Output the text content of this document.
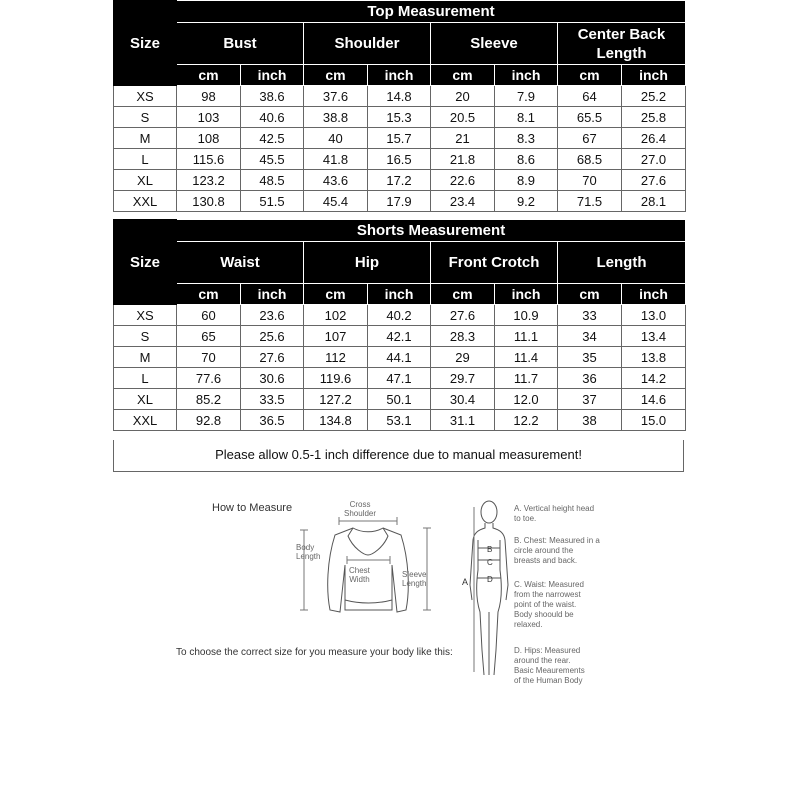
Size	Top Measurement							
	Bust		Shoulder		Sleeve		Center Back Length	
	cm	inch	cm	inch	cm	inch	cm	inch
XS	98	38.6	37.6	14.8	20	7.9	64	25.2
S	103	40.6	38.8	15.3	20.5	8.1	65.5	25.8
M	108	42.5	40	15.7	21	8.3	67	26.4
L	115.6	45.5	41.8	16.5	21.8	8.6	68.5	27.0
XL	123.2	48.5	43.6	17.2	22.6	8.9	70	27.6
XXL	130.8	51.5	45.4	17.9	23.4	9.2	71.5	28.1
Size	Shorts Measurement							
	Waist		Hip		Front Crotch		Length	
	cm	inch	cm	inch	cm	inch	cm	inch
XS	60	23.6	102	40.2	27.6	10.9	33	13.0
S	65	25.6	107	42.1	28.3	11.1	34	13.4
M	70	27.6	112	44.1	29	11.4	35	13.8
L	77.6	30.6	119.6	47.1	29.7	11.7	36	14.2
XL	85.2	33.5	127.2	50.1	30.4	12.0	37	14.6
XXL	92.8	36.5	134.8	53.1	31.1	12.2	38	15.0
Please allow 0.5-1 inch difference due to manual measurement!
How to Measure	Cross
Shoulder
Body
Length
Chest
Width
Sleeve
Length
To choose the correct size for you measure your body like this:
A
B
C
D
A. Vertical height head
to toe.
B. Chest: Measured in a
circle around the
breasts and back.
C. Waist: Measured
from the narrowest
point of the waist.
Body shoould be
relaxed.
D. Hips: Measured
around the rear.
Basic Meaurements
of the Human Body
